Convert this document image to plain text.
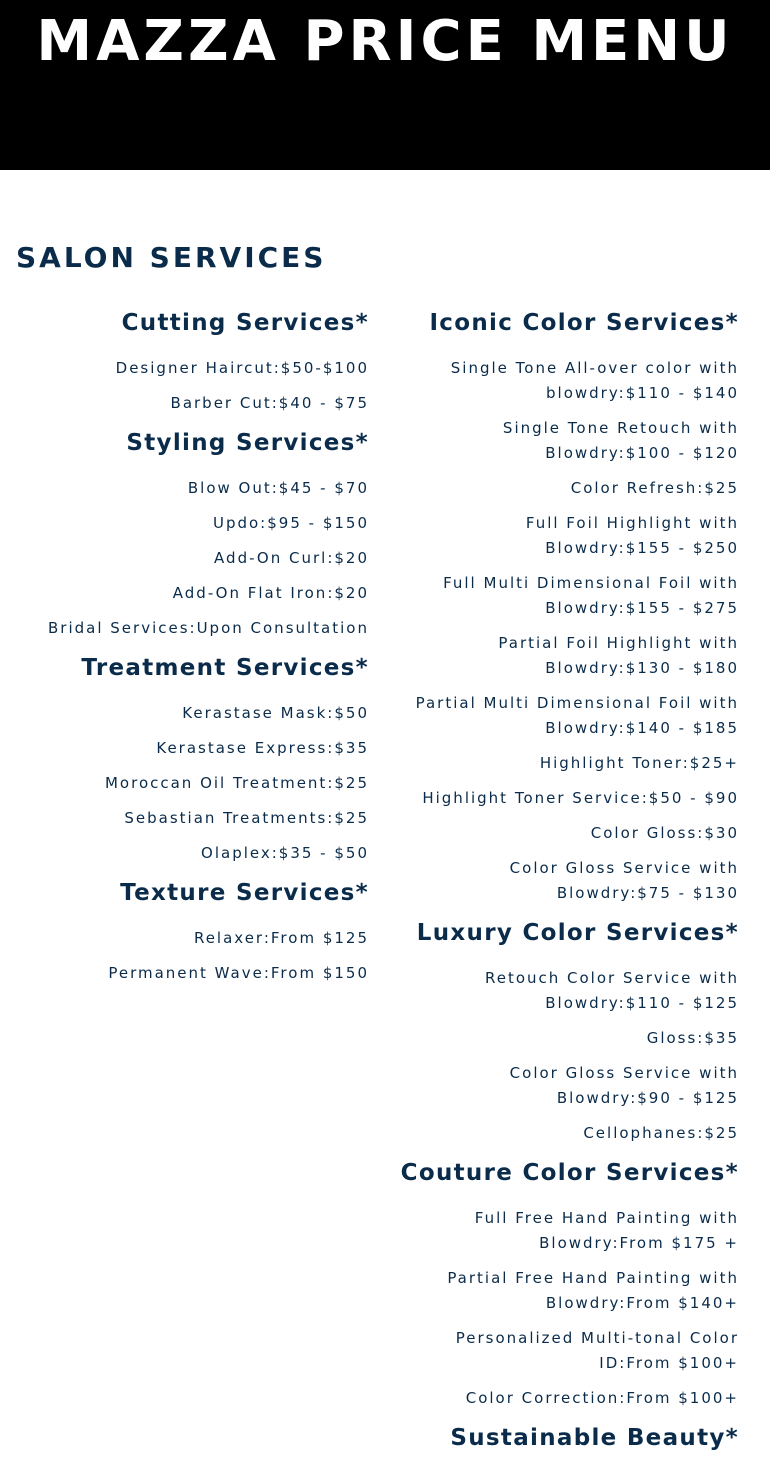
MAZZA PRICE MENU
SALON SERVICES
Cutting Services*
Designer Haircut:$50-$100
Barber Cut:$40 - $75
Styling Services*
Blow Out:$45 - $70
Updo:$95 - $150
Add-On Curl:$20
Add-On Flat Iron:$20
Bridal Services:Upon Consultation
Treatment Services*
Kerastase Mask:$50
Kerastase Express:$35
Moroccan Oil Treatment:$25
Sebastian Treatments:$25
Olaplex:$35 - $50
Texture Services*
Relaxer:From $125
Permanent Wave:From $150
Iconic Color Services*
Single Tone All-over color with
blowdry:$110 - $140
Single Tone Retouch with
Blowdry:$100 - $120
Color Refresh:$25
Full Foil Highlight with
Blowdry:$155 - $250
Full Multi Dimensional Foil with
Blowdry:$155 - $275
Partial Foil Highlight with
Blowdry:$130 - $180
Partial Multi Dimensional Foil with
Blowdry:$140 - $185
Highlight Toner:$25+
Highlight Toner Service:$50 - $90
Color Gloss:$30
Color Gloss Service with
Blowdry:$75 - $130
Luxury Color Services*
Retouch Color Service with
Blowdry:$110 - $125
Gloss:$35
Color Gloss Service with
Blowdry:$90 - $125
Cellophanes:$25
Couture Color Services*
Full Free Hand Painting with
Blowdry:From $175 +
Partial Free Hand Painting with
Blowdry:From $140+
Personalized Multi-tonal Color
ID:From $100+
Color Correction:From $100+
Sustainable Beauty*
